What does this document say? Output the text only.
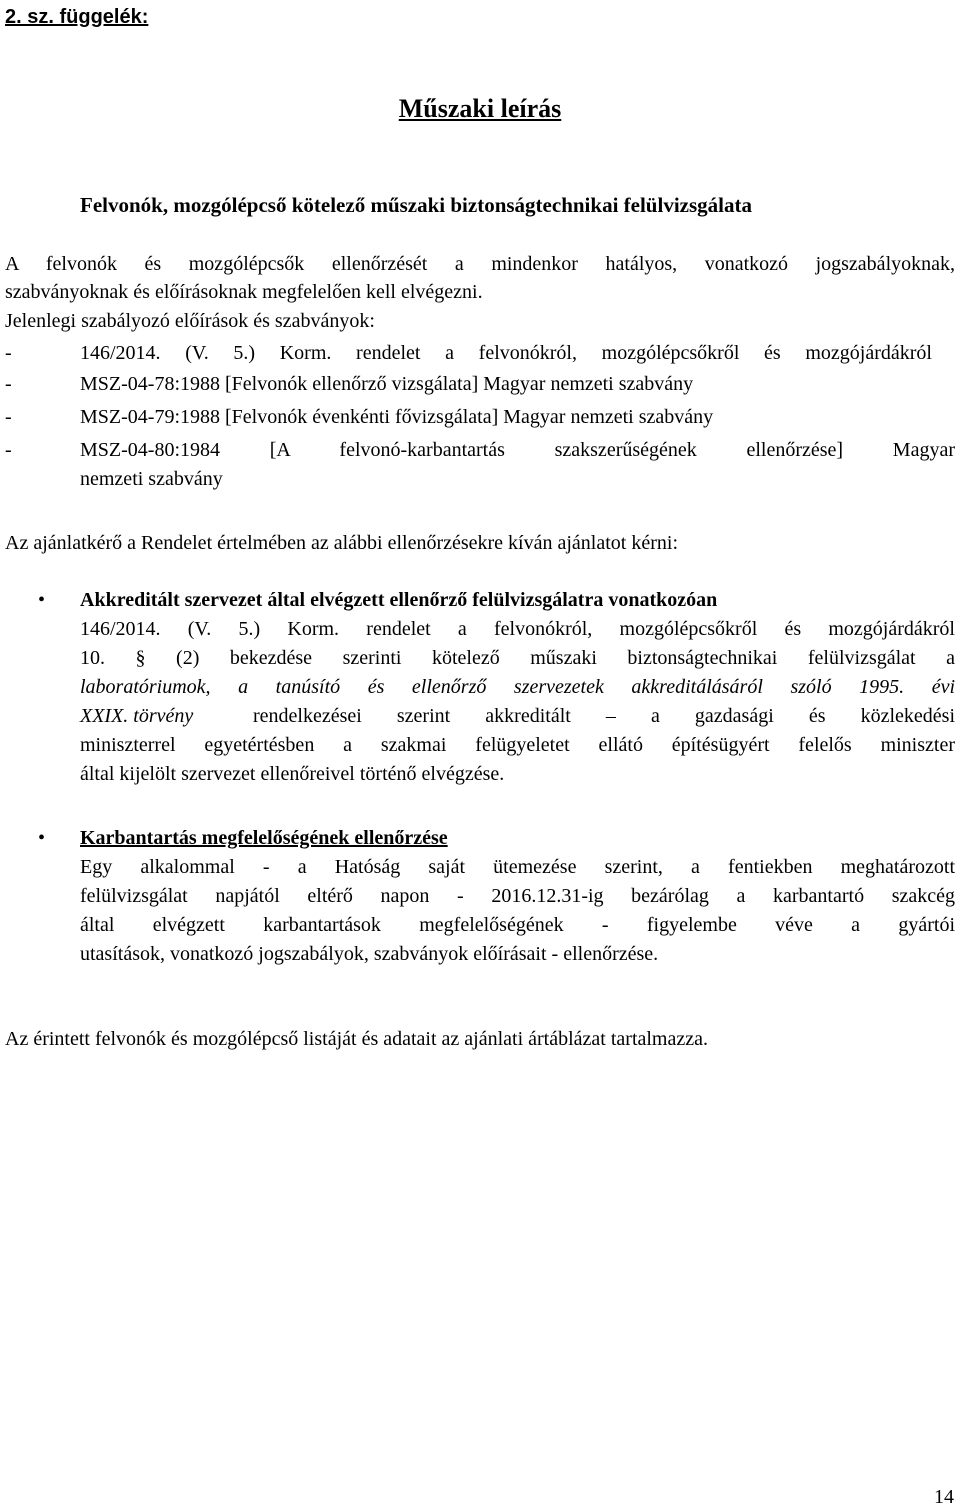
2. sz. függelék:
Műszaki leírás
Felvonók, mozgólépcső kötelező műszaki biztonságtechnikai felülvizsgálata
A felvonók és mozgólépcsők ellenőrzését a mindenkor hatályos, vonatkozó jogszabályoknak,
szabványoknak és előírásoknak megfelelően kell elvégezni.
Jelenlegi szabályozó előírások és szabványok:
-	146/2014. (V. 5.) Korm. rendelet a felvonókról, mozgólépcsőkről és mozgójárdákról
-	MSZ-04-78:1988 [Felvonók ellenőrző vizsgálata] Magyar nemzeti szabvány
-	MSZ-04-79:1988 [Felvonók évenkénti fővizsgálata] Magyar nemzeti szabvány
-	MSZ-04-80:1984 [A felvonó-karbantartás szakszerűségének ellenőrzése] Magyar
nemzeti szabvány
Az ajánlatkérő a Rendelet értelmében az alábbi ellenőrzésekre kíván ajánlatot kérni:
• Akkreditált szervezet által elvégzett ellenőrző felülvizsgálatra vonatkozóan
146/2014. (V. 5.) Korm. rendelet a felvonókról, mozgólépcsőkről és mozgójárdákról
10. § (2) bekezdése szerinti kötelező műszaki biztonságtechnikai felülvizsgálat a
laboratóriumok, a tanúsító és ellenőrző szervezetek akkreditálásáról szóló 1995. évi
XXIX. törvény	rendelkezései szerint akkreditált – a gazdasági és közlekedési
miniszterrel egyetértésben a szakmai felügyeletet ellátó építésügyért felelős miniszter
által kijelölt szervezet ellenőreivel történő elvégzése.
• Karbantartás megfelelőségének ellenőrzése
Egy alkalommal - a Hatóság saját ütemezése szerint, a fentiekben meghatározott
felülvizsgálat napjától eltérő napon - 2016.12.31-ig bezárólag a karbantartó szakcég
által elvégzett karbantartások megfelelőségének - figyelembe véve a gyártói
utasítások, vonatkozó jogszabályok, szabványok előírásait - ellenőrzése.
Az érintett felvonók és mozgólépcső listáját és adatait az ajánlati ártáblázat tartalmazza.
14
